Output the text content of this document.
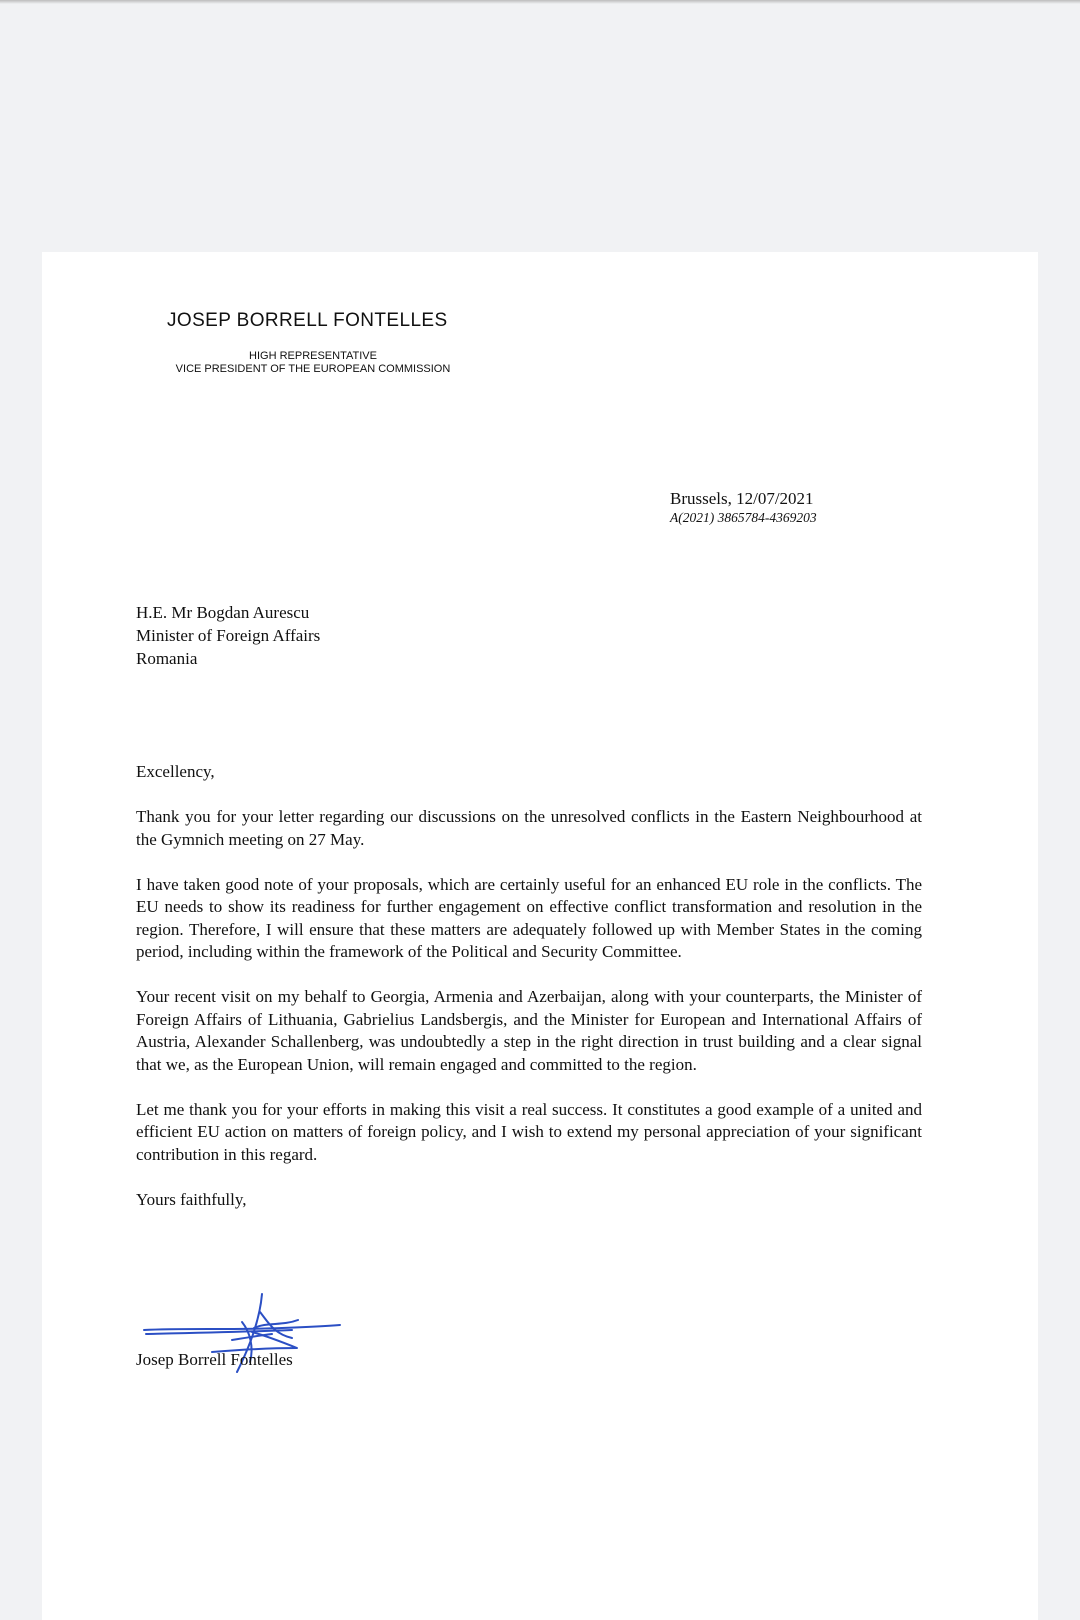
JOSEP BORRELL FONTELLES
HIGH REPRESENTATIVE
VICE PRESIDENT OF THE EUROPEAN COMMISSION
Brussels, 12/07/2021
A(2021) 3865784-4369203
H.E. Mr Bogdan Aurescu
Minister of Foreign Affairs
Romania
Excellency,

Thank you for your letter regarding our discussions on the unresolved conflicts in the Eastern Neighbourhood at the Gymnich meeting on 27 May.

I have taken good note of your proposals, which are certainly useful for an enhanced EU role in the conflicts. The EU needs to show its readiness for further engagement on effective conflict transformation and resolution in the region. Therefore, I will ensure that these matters are adequately followed up with Member States in the coming period, including within the framework of the Political and Security Committee.

Your recent visit on my behalf to Georgia, Armenia and Azerbaijan, along with your counterparts, the Minister of Foreign Affairs of Lithuania, Gabrielius Landsbergis, and the Minister for European and International Affairs of Austria, Alexander Schallenberg, was undoubtedly a step in the right direction in trust building and a clear signal that we, as the European Union, will remain engaged and committed to the region.

Let me thank you for your efforts in making this visit a real success. It constitutes a good example of a united and efficient EU action on matters of foreign policy, and I wish to extend my personal appreciation of your significant contribution in this regard.

Yours faithfully,
Josep Borrell Fontelles
